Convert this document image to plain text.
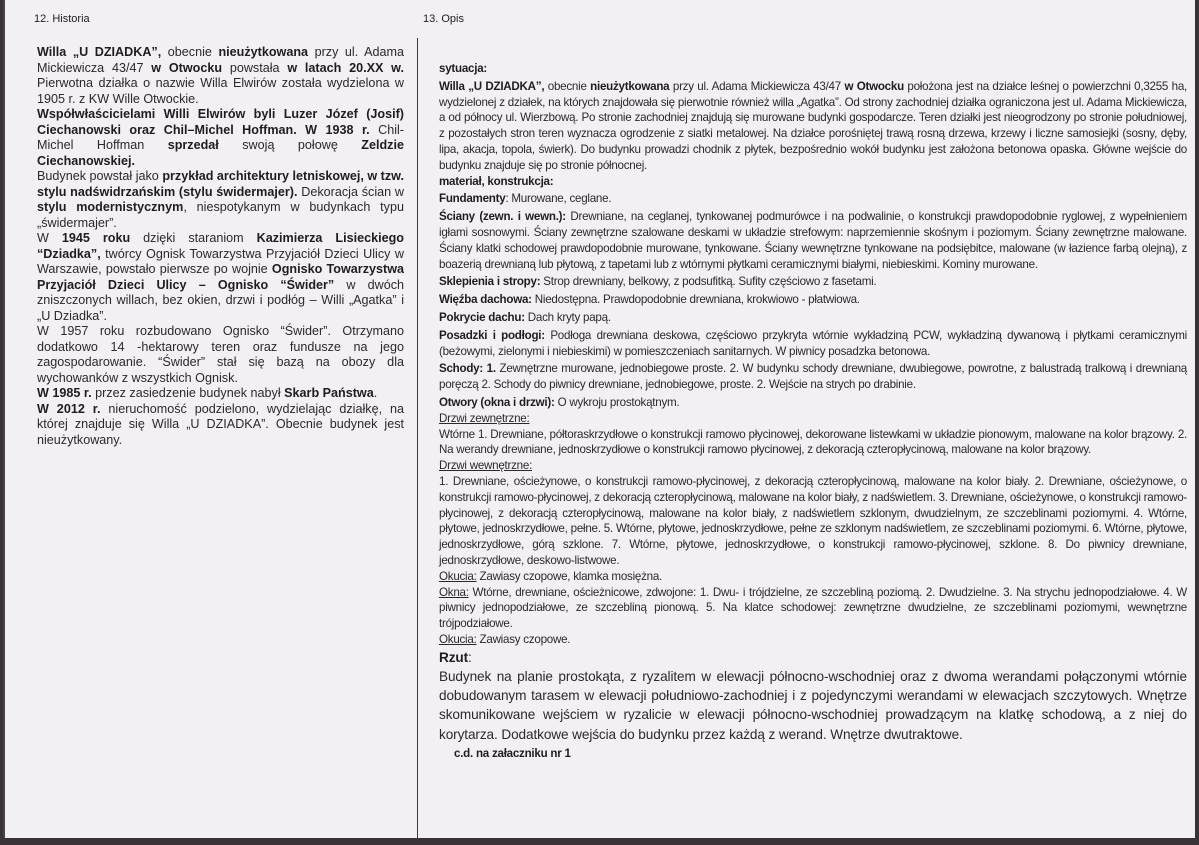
12. Historia

Willa „U DZIADKA”, obecnie nieużytkowana przy ul. Adama Mickiewicza 43/47 w Otwocku powstała w latach 20.XX w. Pierwotna działka o nazwie Willa Elwirów została wydzielona w 1905 r. z KW Wille Otwockie.

Współwłaścicielami Willi Elwirów byli Luzer Józef (Josif) Ciechanowski oraz Chil–Michel Hoffman. W 1938 r. Chil-Michel Hoffman sprzedał swoją połowę Zeldzie Ciechanowskiej.

Budynek powstał jako przykład architektury letniskowej, w tzw. stylu nadświdrzańskim (stylu świdermajer). Dekoracja ścian w stylu modernistycznym, niespotykanym w budynkach typu „świdermajer”.

W 1945 roku dzięki staraniom Kazimierza Lisieckiego “Dziadka”, twórcy Ognisk Towarzystwa Przyjaciół Dzieci Ulicy w Warszawie, powstało pierwsze po wojnie Ognisko Towarzystwa Przyjaciół Dzieci Ulicy – Ognisko “Świder” w dwóch zniszczonych willach, bez okien, drzwi i podłóg – Willi „Agatka” i „U Dziadka”.

W 1957 roku rozbudowano Ognisko “Świder”. Otrzymano dodatkowo 14 -hektarowy teren oraz fundusze na jego zagospodarowanie. “Świder” stał się bazą na obozy dla wychowanków z wszystkich Ognisk.

W 1985 r. przez zasiedzenie budynek nabył Skarb Państwa.

W 2012 r. nieruchomość podzielono, wydzielając działkę, na której znajduje się Willa „U DZIADKA”. Obecnie budynek jest nieużytkowany.

13. Opis

sytuacja:

Willa „U DZIADKA”, obecnie nieużytkowana przy ul. Adama Mickiewicza 43/47 w Otwocku położona jest na działce leśnej o powierzchni 0,3255 ha, wydzielonej z działek, na których znajdowała się pierwotnie również willa „Agatka”. Od strony zachodniej działka ograniczona jest ul. Adama Mickiewicza, a od północy ul. Wierzbową. Po stronie zachodniej znajdują się murowane budynki gospodarcze. Teren działki jest nieogrodzony po stronie południowej, z pozostałych stron teren wyznacza ogrodzenie z siatki metalowej. Na działce porośniętej trawą rosną drzewa, krzewy i liczne samosiejki (sosny, dęby, lipa, akacja, topola, świerk). Do budynku prowadzi chodnik z płytek, bezpośrednio wokół budynku jest założona betonowa opaska. Główne wejście do budynku znajduje się po stronie północnej.

materiał, konstrukcja:

Fundamenty: Murowane, ceglane.

Ściany (zewn. i wewn.): Drewniane, na ceglanej, tynkowanej podmurówce i na podwalinie, o konstrukcji prawdopodobnie ryglowej, z wypełnieniem igłami sosnowymi. Ściany zewnętrzne szalowane deskami w układzie strefowym: naprzemiennie skośnym i poziomym. Ściany zewnętrzne malowane. Ściany klatki schodowej prawdopodobnie murowane, tynkowane. Ściany wewnętrzne tynkowane na podsiębitce, malowane (w łazience farbą olejną), z boazerią drewnianą lub płytową, z tapetami lub z wtórnymi płytkami ceramicznymi białymi, niebieskimi. Kominy murowane.

Sklepienia i stropy: Strop drewniany, belkowy, z podsufitką. Sufity częściowo z fasetami.

Więźba dachowa: Niedostępna. Prawdopodobnie drewniana, krokwiowo - płatwiowa.

Pokrycie dachu: Dach kryty papą.

Posadzki i podłogi: Podłoga drewniana deskowa, częściowo przykryta wtórnie wykładziną PCW, wykładziną dywanową i płytkami ceramicznymi (beżowymi, zielonymi i niebieskimi) w pomieszczeniach sanitarnych. W piwnicy posadzka betonowa.

Schody: 1. Zewnętrzne murowane, jednobiegowe proste. 2. W budynku schody drewniane, dwubiegowe, powrotne, z balustradą tralkową i drewnianą poręczą 2. Schody do piwnicy drewniane, jednobiegowe, proste. 2. Wejście na strych po drabinie.

Otwory (okna i drzwi): O wykroju prostokątnym.

Drzwi zewnętrzne:

Wtórne 1. Drewniane, półtoraskrzydłowe o konstrukcji ramowo płycinowej, dekorowane listewkami w układzie pionowym, malowane na kolor brązowy. 2. Na werandy drewniane, jednoskrzydłowe o konstrukcji ramowo płycinowej, z dekoracją czteropłycinową, malowane na kolor brązowy.

Drzwi wewnętrzne:

1. Drewniane, ościeżynowe, o konstrukcji ramowo-płycinowej, z dekoracją czteropłycinową, malowane na kolor biały. 2. Drewniane, ościeżynowe, o konstrukcji ramowo-płycinowej, z dekoracją czteropłycinową, malowane na kolor biały, z nadświetlem. 3. Drewniane, ościeżynowe, o konstrukcji ramowo-płycinowej, z dekoracją czteropłycinową, malowane na kolor biały, z nadświetlem szklonym, dwudzielnym, ze szczeblinami poziomymi. 4. Wtórne, płytowe, jednoskrzydłowe, pełne. 5. Wtórne, płytowe, jednoskrzydłowe, pełne ze szklonym nadświetlem, ze szczeblinami poziomymi. 6. Wtórne, płytowe, jednoskrzydłowe, górą szklone. 7. Wtórne, płytowe, jednoskrzydłowe, o konstrukcji ramowo-płycinowej, szklone. 8. Do piwnicy drewniane, jednoskrzydłowe, deskowo-listwowe.

Okucia: Zawiasy czopowe, klamka mosiężna.

Okna: Wtórne, drewniane, ościeżnicowe, zdwojone: 1. Dwu- i trójdzielne, ze szczebliną poziomą. 2. Dwudzielne. 3. Na strychu jednopodziałowe. 4. W piwnicy jednopodziałowe, ze szczebliną pionową. 5. Na klatce schodowej: zewnętrzne dwudzielne, ze szczeblinami poziomymi, wewnętrzne trójpodziałowe.

Okucia: Zawiasy czopowe.

Rzut:

Budynek na planie prostokąta, z ryzalitem w elewacji północno-wschodniej oraz z dwoma werandami połączonymi wtórnie dobudowanym tarasem w elewacji południowo-zachodniej i z pojedynczymi werandami w elewacjach szczytowych. Wnętrze skomunikowane wejściem w ryzalicie w elewacji północno-wschodniej prowadzącym na klatkę schodową, a z niej do korytarza. Dodatkowe wejścia do budynku przez każdą z werand. Wnętrze dwutraktowe.

c.d. na załaczniku nr 1
